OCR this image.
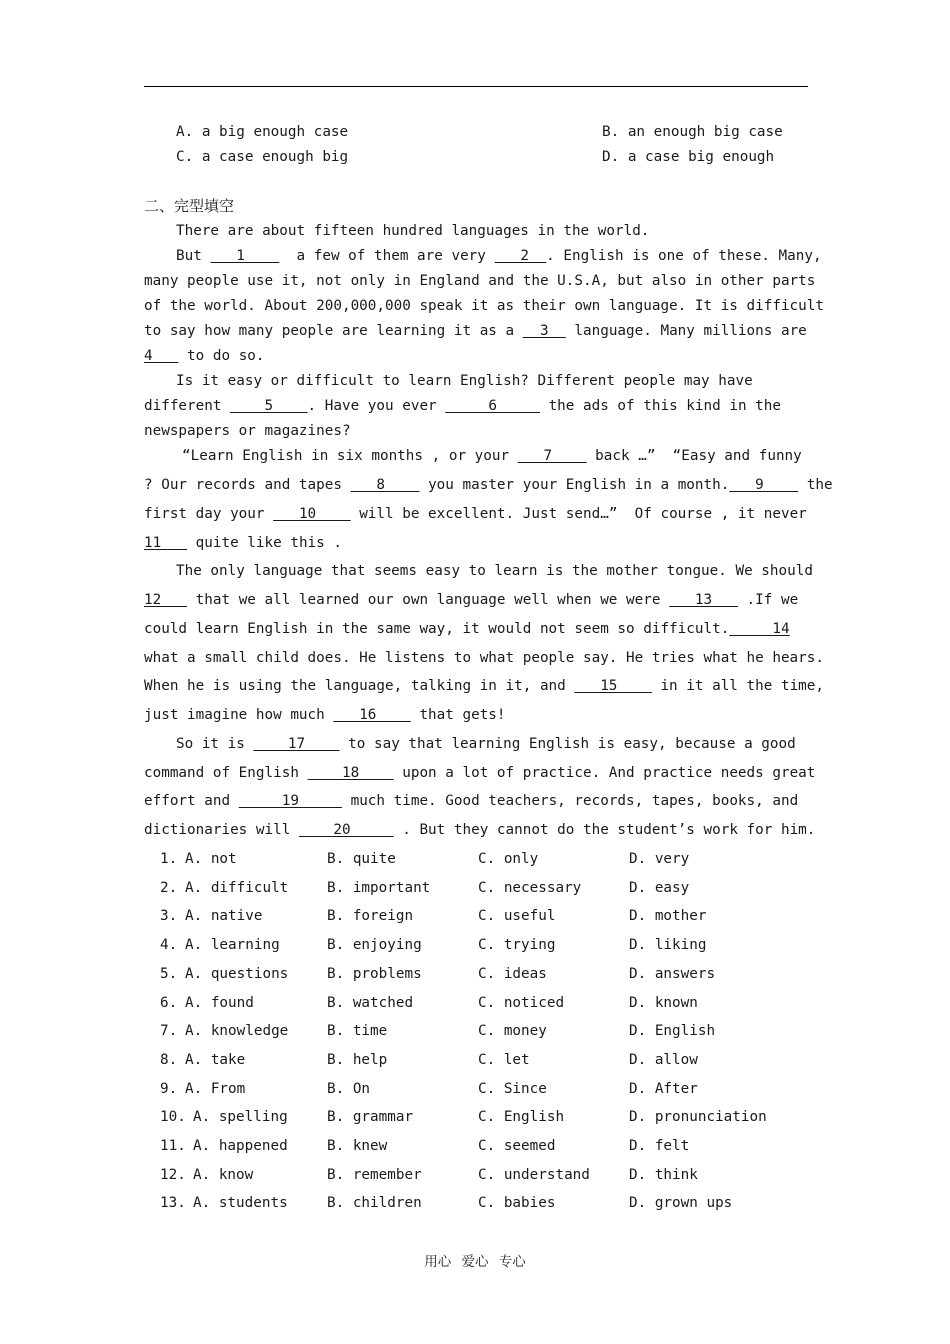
A. a big enough case	B. an enough big case
C. a case enough big	D. a case big enough
二、完型填空
There are about fifteen hundred languages in the world.
But    1      a few of them are very    2  . English is one of these. Many,
many people use it, not only in England and the U.S.A, but also in other parts
of the world. About 200,000,000 speak it as their own language. It is difficult
to say how many people are learning it as a   3   language. Many millions are
4    to do so.
Is it easy or difficult to learn English? Different people may have
different     5    . Have you ever      6      the ads of this kind in the
newspapers or magazines?
“Learn English in six months , or your    7     back …”  “Easy and funny
? Our records and tapes    8     you master your English in a month.   9     the
first day your    10     will be excellent. Just send…”  Of course , it never
11    quite like this .
The only language that seems easy to learn is the mother tongue. We should
12    that we all learned our own language well when we were    13    .If we
could learn English in the same way, it would not seem so difficult.     14
what a small child does. He listens to what people say. He tries what he hears.
When he is using the language, talking in it, and    15     in it all the time,
just imagine how much    16     that gets!
So it is     17     to say that learning English is easy, because a good
command of English     18     upon a lot of practice. And practice needs great
effort and      19      much time. Good teachers, records, tapes, books, and
dictionaries will     20      . But they cannot do the student’s work for him.
1. A. not	B. quite	C. only	D. very
2. A. difficult	B. important	C. necessary	D. easy
3. A. native	B. foreign	C. useful	D. mother
4. A. learning	B. enjoying	C. trying	D. liking
5. A. questions	B. problems	C. ideas	D. answers
6. A. found	B. watched	C. noticed	D. known
7. A. knowledge	B. time	C. money	D. English
8. A. take	B. help	C. let	D. allow
9. A. From	B. On	C. Since	D. After
10. A. spelling	B. grammar	C. English	D. pronunciation
11. A. happened	B. knew	C. seemed	D. felt
12. A. know	B. remember	C. understand	D. think
13. A. students	B. children	C. babies	D. grown ups
用心 爱心 专心
